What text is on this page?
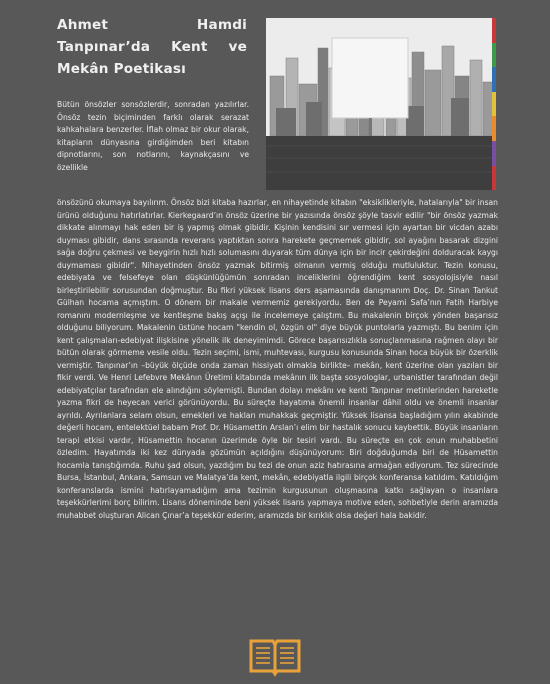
Ahmet Hamdi Tanpınar’da Kent ve Mekân Poetikası

Bütün önsözler sonsözlerdir, sonradan yazılırlar. Önsöz tezin biçiminden farklı olarak serazat kahkahalara benzerler. İflah olmaz bir okur olarak, kitapların dünyasına girdiğimden beri kitabın dipnotlarını, son notlarını, kaynakçasını ve özellikle

önsözünü okumaya bayılırım. Önsöz bizi kitaba hazırlar, en nihayetinde kitabın "eksiklikleriyle, hatalarıyla" bir insan ürünü olduğunu hatırlatırlar. Kierkegaard’ın önsöz üzerine bir yazısında önsöz şöyle tasvir edilir "bir önsöz yazmak dikkate alınmayı hak eden bir iş yapmış olmak gibidir. Kişinin kendisini sır vermesi için ayartan bir vicdan azabı duyması gibidir, dans sırasında reverans yaptıktan sonra harekete geçmemek gibidir, sol ayağını basarak dizgini sağa doğru çekmesi ve beygirin hızlı hızlı solumasını duyarak tüm dünya için bir incir çekirdeğini dolduracak kaygı duymaması gibidir". Nihayetinden önsöz yazmak bitirmiş olmanın vermiş olduğu mutluluktur. Tezin konusu, edebiyata ve felsefeye olan düşkünlüğümün sonradan inceliklerini öğrendiğim kent sosyolojisiyle nasıl birleştirilebilir sorusundan doğmuştur. Bu fikri yüksek lisans ders aşamasında danışmanım Doç. Dr. Sinan Tankut Gülhan hocama açmıştım. O dönem bir makale vermemiz gerekiyordu. Ben de Peyami Safa’nın Fatih Harbiye romanını modernleşme ve kentleşme bakış açışı ile incelemeye çalıştım. Bu makalenin birçok yönden başarısız olduğunu biliyorum. Makalenin üstüne hocam "kendin ol, özgün ol" diye büyük puntolarla yazmıştı. Bu benim için kent çalışmaları-edebiyat ilişkisine yönelik ilk deneyimimdi. Görece başarısızlıkla sonuçlanmasına rağmen olayı bir bütün olarak görmeme vesile oldu. Tezin seçimi, ismi, muhtevası, kurgusu konusunda Sinan hoca büyük bir özerklik vermiştir. Tanpınar’ın –büyük ölçüde onda zaman hissiyatı olmakla birlikte– mekân, kent üzerine olan yazıları bir fikir verdi. Ve Henri Lefebvre Mekânın Üretimi kitabında mekânın ilk başta sosyologlar, urbanistler tarafından değil edebiyatçılar tarafından ele alındığını söylemişti. Bundan dolayı mekânı ve kenti Tanpınar metinlerinden hareketle yazma fikri de heyecan verici görünüyordu. Bu süreçte hayatıma önemli insanlar dâhil oldu ve önemli insanlar ayrıldı. Ayrılanlara selam olsun, emekleri ve hakları muhakkak geçmiştir. Yüksek lisansa başladığım yılın akabinde değerli hocam, entelektüel babam Prof. Dr. Hüsamettin Arslan’ı elim bir hastalık sonucu kaybettik. Büyük insanların terapi etkisi vardır, Hüsamettin hocanın üzerimde öyle bir tesiri vardı. Bu süreçte en çok onun muhabbetini özledim. Hayatımda iki kez dünyada gözümün açıldığını düşünüyorum: Biri doğduğumda biri de Hüsamettin hocamla tanıştığımda. Ruhu şad olsun, yazdığım bu tezi de onun aziz hatırasına armağan ediyorum. Tez sürecinde Bursa, İstanbul, Ankara, Samsun ve Malatya’da kent, mekân, edebiyatla ilgili birçok konferansa katıldım. Katıldığım konferanslarda ismini hatırlayamadığım ama tezimin kurgusunun oluşmasına katkı sağlayan o insanlara teşekkürlerimi borç bilirim. Lisans döneminde beni yüksek lisans yapmaya motive eden, sohbetiyle derin aramızda muhabbet oluşturan Alican Çınar’a teşekkür ederim, aramızda bir kırıklık olsa değeri hala bakidir.
